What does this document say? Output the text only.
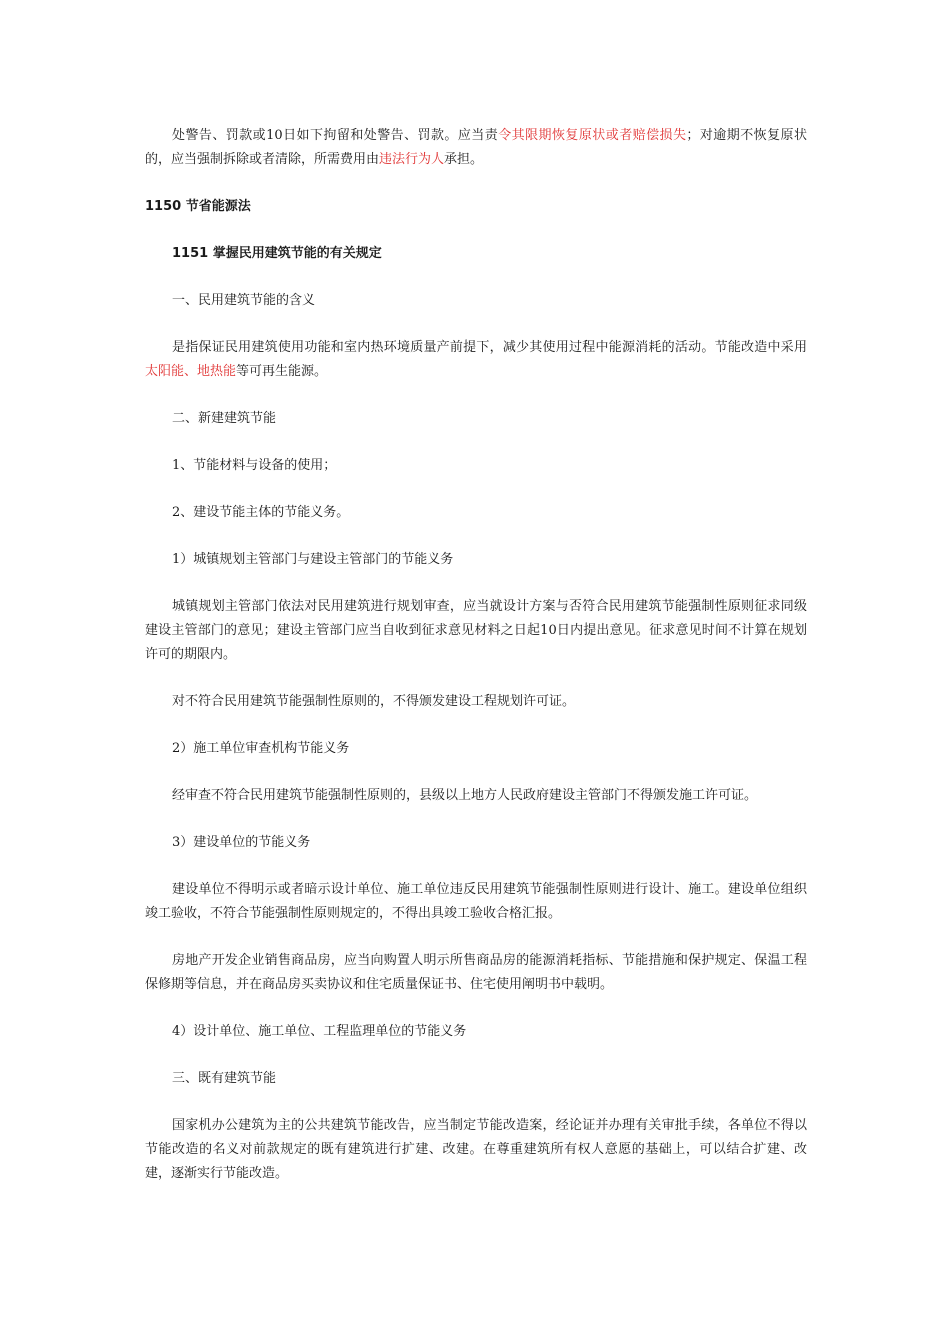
处警告、罚款或10日如下拘留和处警告、罚款。应当责令其限期恢复原状或者赔偿损失；对逾期不恢复原状的，应当强制拆除或者清除，所需费用由违法行为人承担。
1150 节省能源法
1151 掌握民用建筑节能的有关规定
一、民用建筑节能的含义
是指保证民用建筑使用功能和室内热环境质量产前提下，减少其使用过程中能源消耗的活动。节能改造中采用太阳能、地热能等可再生能源。
二、新建建筑节能
1、节能材料与设备的使用；
2、建设节能主体的节能义务。
1）城镇规划主管部门与建设主管部门的节能义务
城镇规划主管部门依法对民用建筑进行规划审查，应当就设计方案与否符合民用建筑节能强制性原则征求同级建设主管部门的意见；建设主管部门应当自收到征求意见材料之日起10日内提出意见。征求意见时间不计算在规划许可的期限内。
对不符合民用建筑节能强制性原则的，不得颁发建设工程规划许可证。
2）施工单位审查机构节能义务
经审查不符合民用建筑节能强制性原则的，县级以上地方人民政府建设主管部门不得颁发施工许可证。
3）建设单位的节能义务
建设单位不得明示或者暗示设计单位、施工单位违反民用建筑节能强制性原则进行设计、施工。建设单位组织竣工验收，不符合节能强制性原则规定的，不得出具竣工验收合格汇报。
房地产开发企业销售商品房，应当向购置人明示所售商品房的能源消耗指标、节能措施和保护规定、保温工程保修期等信息，并在商品房买卖协议和住宅质量保证书、住宅使用阐明书中载明。
4）设计单位、施工单位、工程监理单位的节能义务
三、既有建筑节能
国家机办公建筑为主的公共建筑节能改告，应当制定节能改造案，经论证并办理有关审批手续，各单位不得以节能改造的名义对前款规定的既有建筑进行扩建、改建。在尊重建筑所有权人意愿的基础上，可以结合扩建、改建，逐渐实行节能改造。
